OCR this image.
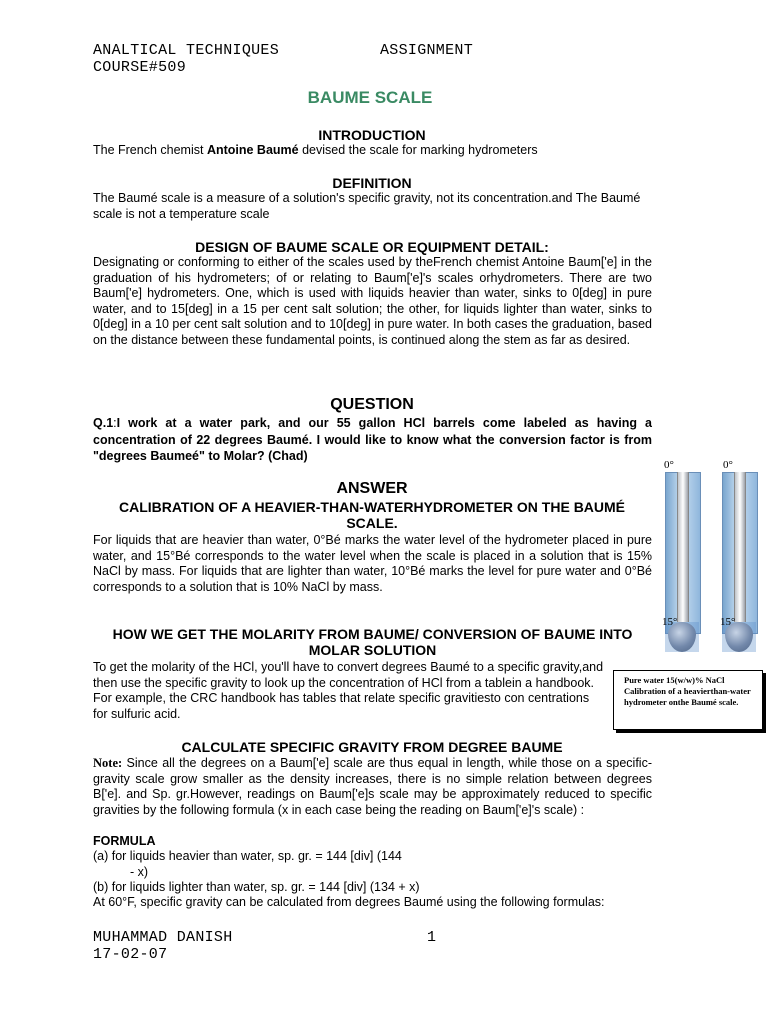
ANALTICAL TECHNIQUES	ASSIGNMENT
COURSE#509
BAUME SCALE
INTRODUCTION
The French chemist Antoine Baumé devised the scale for marking hydrometers
DEFINITION
The Baumé scale is a measure of a solution's specific gravity, not its concentration.and The Baumé scale is not a temperature scale
DESIGN OF BAUME SCALE OR EQUIPMENT DETAIL:
Designating or conforming to either of the scales used by theFrench chemist Antoine Baum['e] in the graduation of his hydrometers; of or relating to Baum['e]'s scales orhydrometers. There are two Baum['e] hydrometers. One, which is used with liquids heavier than water, sinks to 0[deg] in pure water, and to 15[deg] in a 15 per cent salt solution; the other, for liquids lighter than water, sinks to 0[deg] in a 10 per cent salt solution and to 10[deg] in pure water. In both cases the graduation, based on the distance between these fundamental points, is continued along the stem as far as desired.
QUESTION
Q.1:I work at a water park, and our 55 gallon HCl barrels come labeled as having a concentration of 22 degrees Baumé. I would like to know what the conversion factor is from "degrees Baumeé" to Molar? (Chad)
ANSWER
CALIBRATION OF A HEAVIER-THAN-WATERHYDROMETER ON THE BAUMÉ SCALE.
For liquids that are heavier than water, 0°Bé marks the water level of the hydrometer placed in pure water, and 15°Bé corresponds to the water level when the scale is placed in a solution that is 15% NaCl by mass. For liquids that are lighter than water, 10°Bé marks the level for pure water and 0°Bé corresponds to a solution that is 10% NaCl by mass.
HOW WE GET THE MOLARITY FROM BAUME/ CONVERSION OF BAUME INTO MOLAR SOLUTION
To get the molarity of the HCl, you'll have to convert degrees Baumé to a specific gravity,and then use the specific gravity to look up the concentration of HCl from a tablein a handbook. For example, the CRC handbook has tables that relate specific gravitiesto con centrations for sulfuric acid.
CALCULATE SPECIFIC GRAVITY FROM DEGREE BAUME
Note: Since all the degrees on a Baum['e] scale are thus equal in length, while those on a specific-gravity scale grow smaller as the density increases, there is no simple relation between degrees B['e]. and Sp. gr.However, readings on Baum['e]s scale may be approximately reduced to specific gravities by the following formula (x in each case being the reading on Baum['e]'s scale) :
FORMULA
(a) for liquids heavier than water, sp. gr. = 144 [div] (144
- x)
(b) for liquids lighter than water, sp. gr. = 144 [div] (134 + x)
At 60°F, specific gravity can be calculated from degrees Baumé using the following formulas:
0°	0°
15°	15°
Pure water 15(w/w)% NaCl
Calibration of a heavierthan-water hydrometer onthe Baumé scale.
MUHAMMAD DANISH	1
17-02-07
